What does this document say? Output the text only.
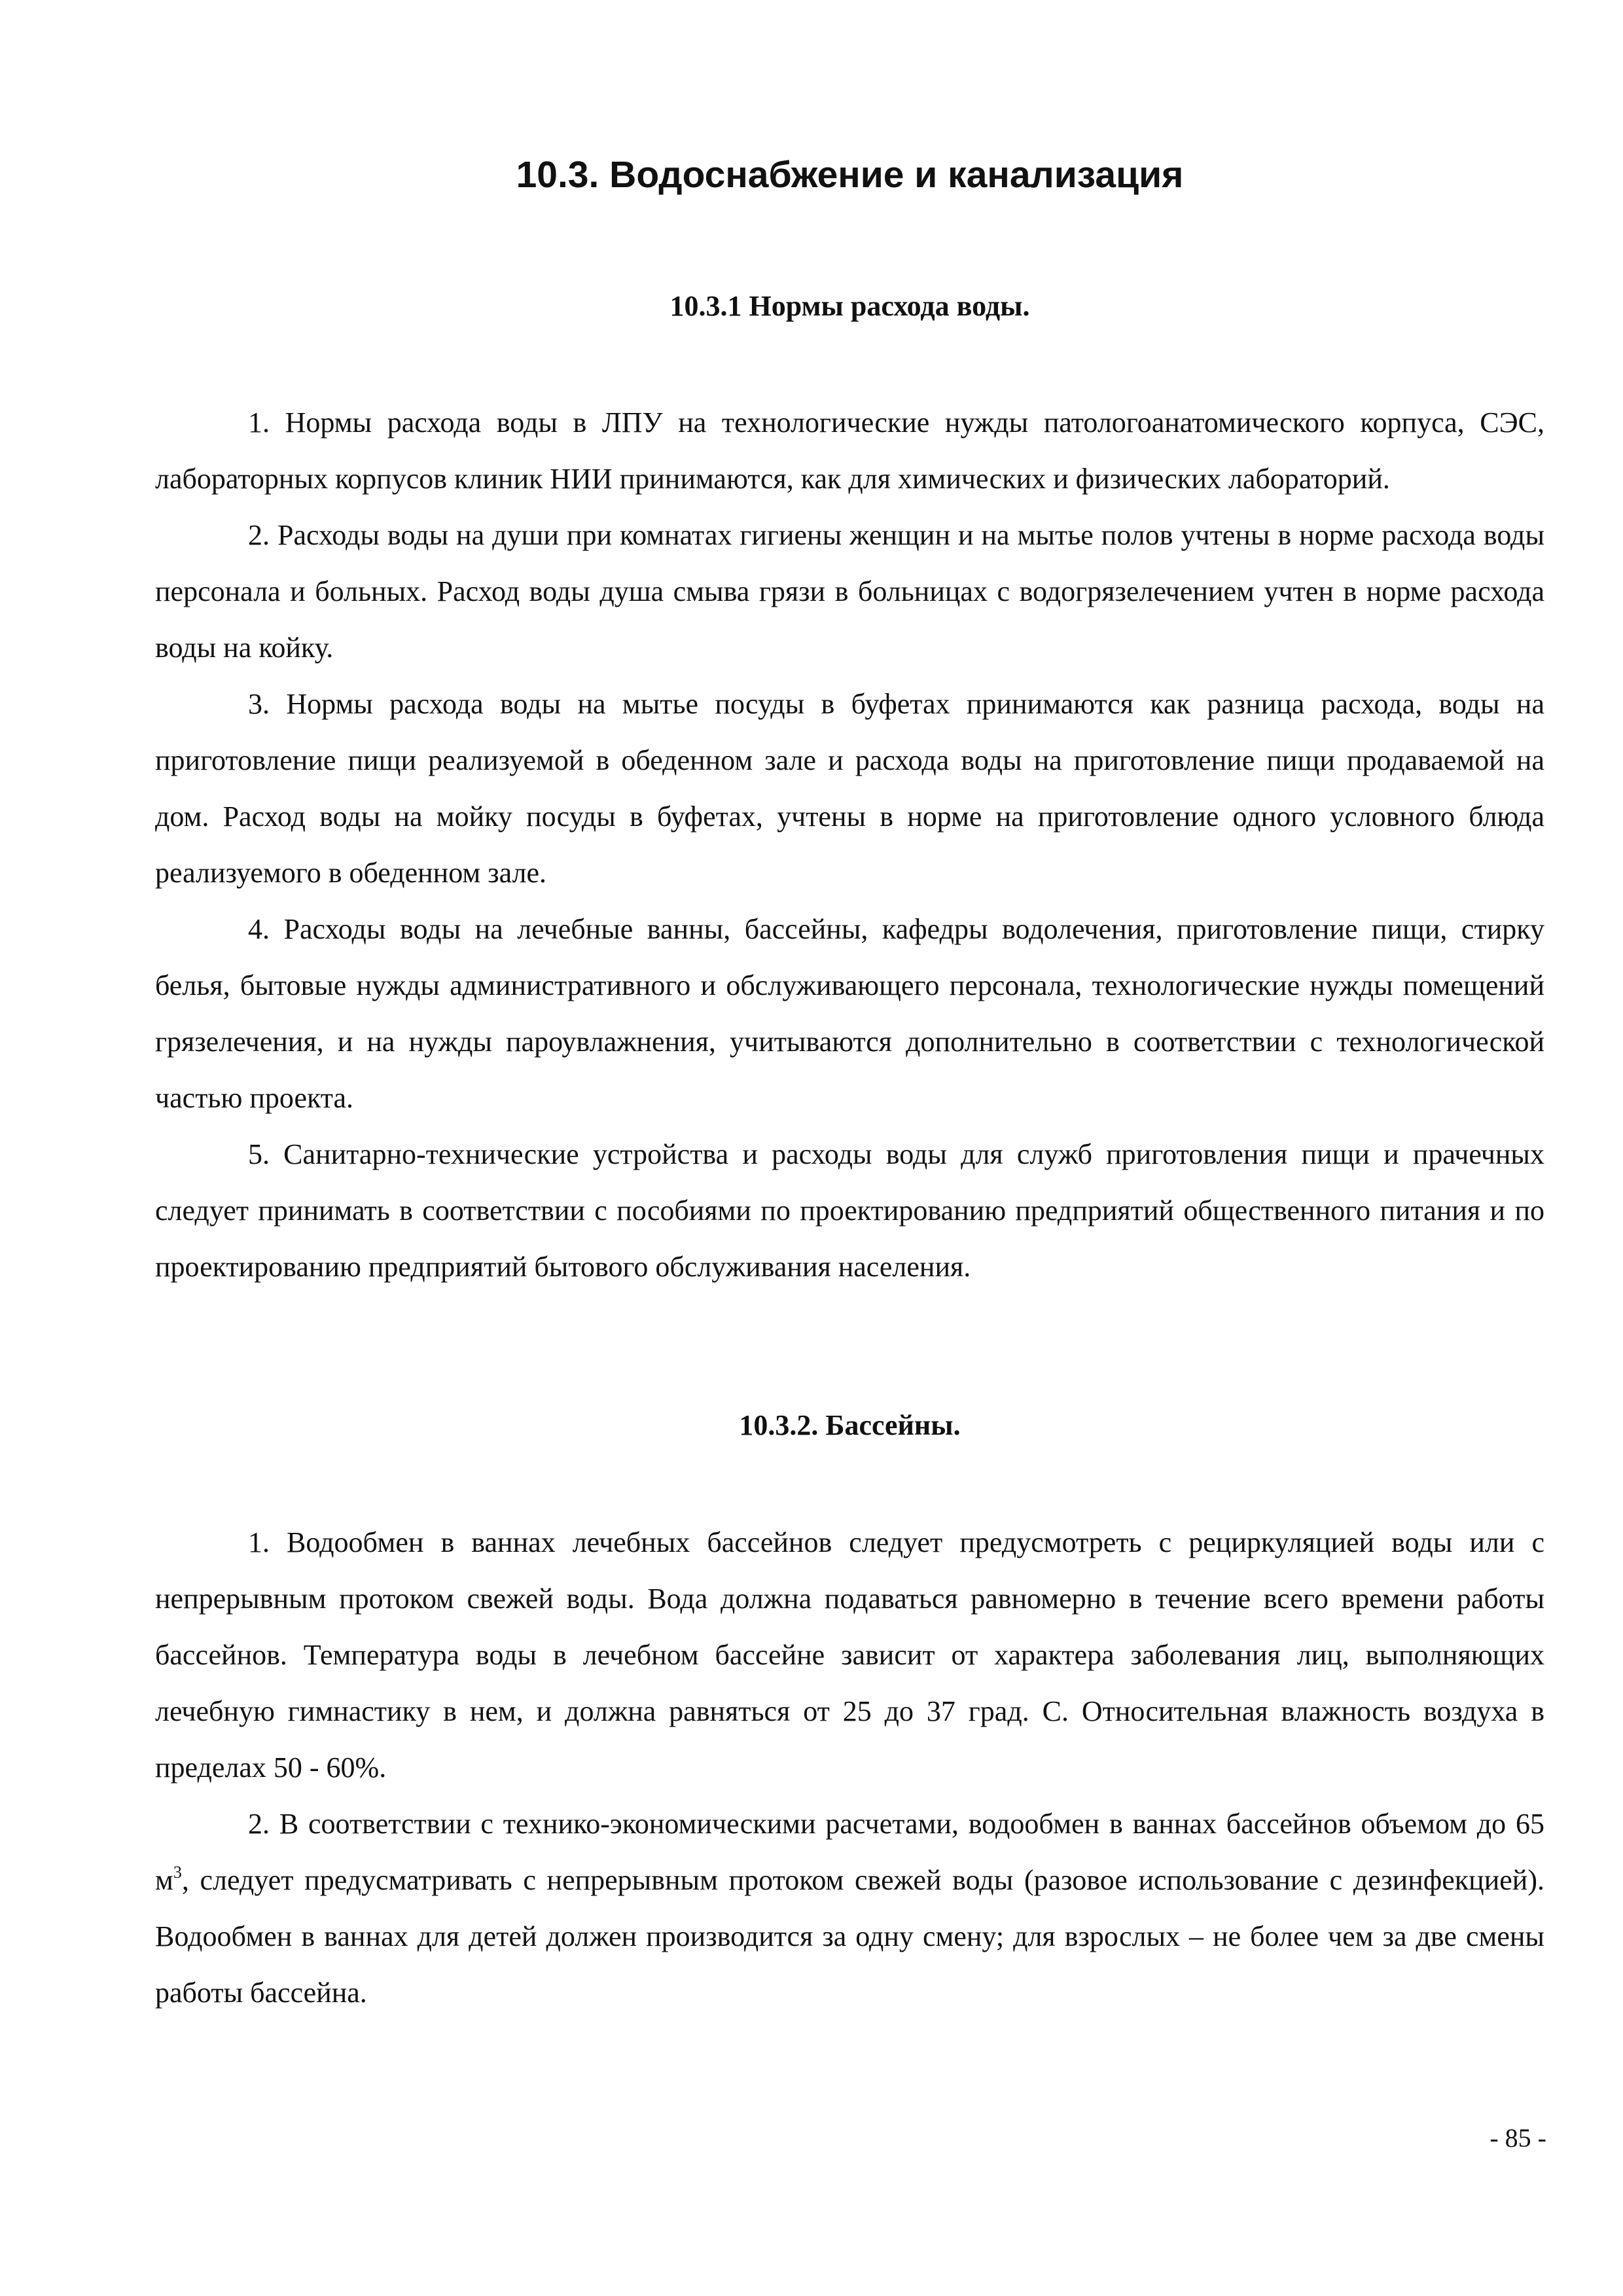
10.3. Водоснабжение и канализация
10.3.1 Нормы расхода воды.

1. Нормы расхода воды в ЛПУ на технологические нужды патологоанатомического корпуса, СЭС, лабораторных корпусов клиник НИИ принимаются, как для химических и физических лабораторий.

2. Расходы воды на души при комнатах гигиены женщин и на мытье полов учтены в норме расхода воды персонала и больных. Расход воды душа смыва грязи в больницах с водогрязелечением учтен в норме расхода воды на койку.

3. Нормы расхода воды на мытье посуды в буфетах принимаются как разница расхода, воды на приготовление пищи реализуемой в обеденном зале и расхода воды на приготовление пищи продаваемой на дом. Расход воды на мойку посуды в буфетах, учтены в норме на приготовление одного условного блюда реализуемого в обеденном зале.

4. Расходы воды на лечебные ванны, бассейны, кафедры водолечения, приготовление пищи, стирку белья, бытовые нужды административного и обслуживающего персонала, технологические нужды помещений грязелечения, и на нужды пароувлажнения, учитываются дополнительно в соответствии с технологической частью проекта.

5. Санитарно-технические устройства и расходы воды для служб приготовления пищи и прачечных следует принимать в соответствии с пособиями по проектированию предприятий общественного питания и по проектированию предприятий бытового обслуживания населения.

10.3.2. Бассейны.

1. Водообмен в ваннах лечебных бассейнов следует предусмотреть с рециркуляцией воды или с непрерывным протоком свежей воды. Вода должна подаваться равномерно в течение всего времени работы бассейнов. Температура воды в лечебном бассейне зависит от характера заболевания лиц, выполняющих лечебную гимнастику в нем, и должна равняться от 25 до 37 град. С. Относительная влажность воздуха в пределах 50 - 60%.

2. В соответствии с технико-экономическими расчетами, водообмен в ваннах бассейнов объемом до 65 $м^3$, следует предусматривать с непрерывным протоком свежей воды (разовое использование с дезинфекцией). Водообмен в ваннах для детей должен производится за одну смену; для взрослых – не более чем за две смены работы бассейна.

- 85 -
